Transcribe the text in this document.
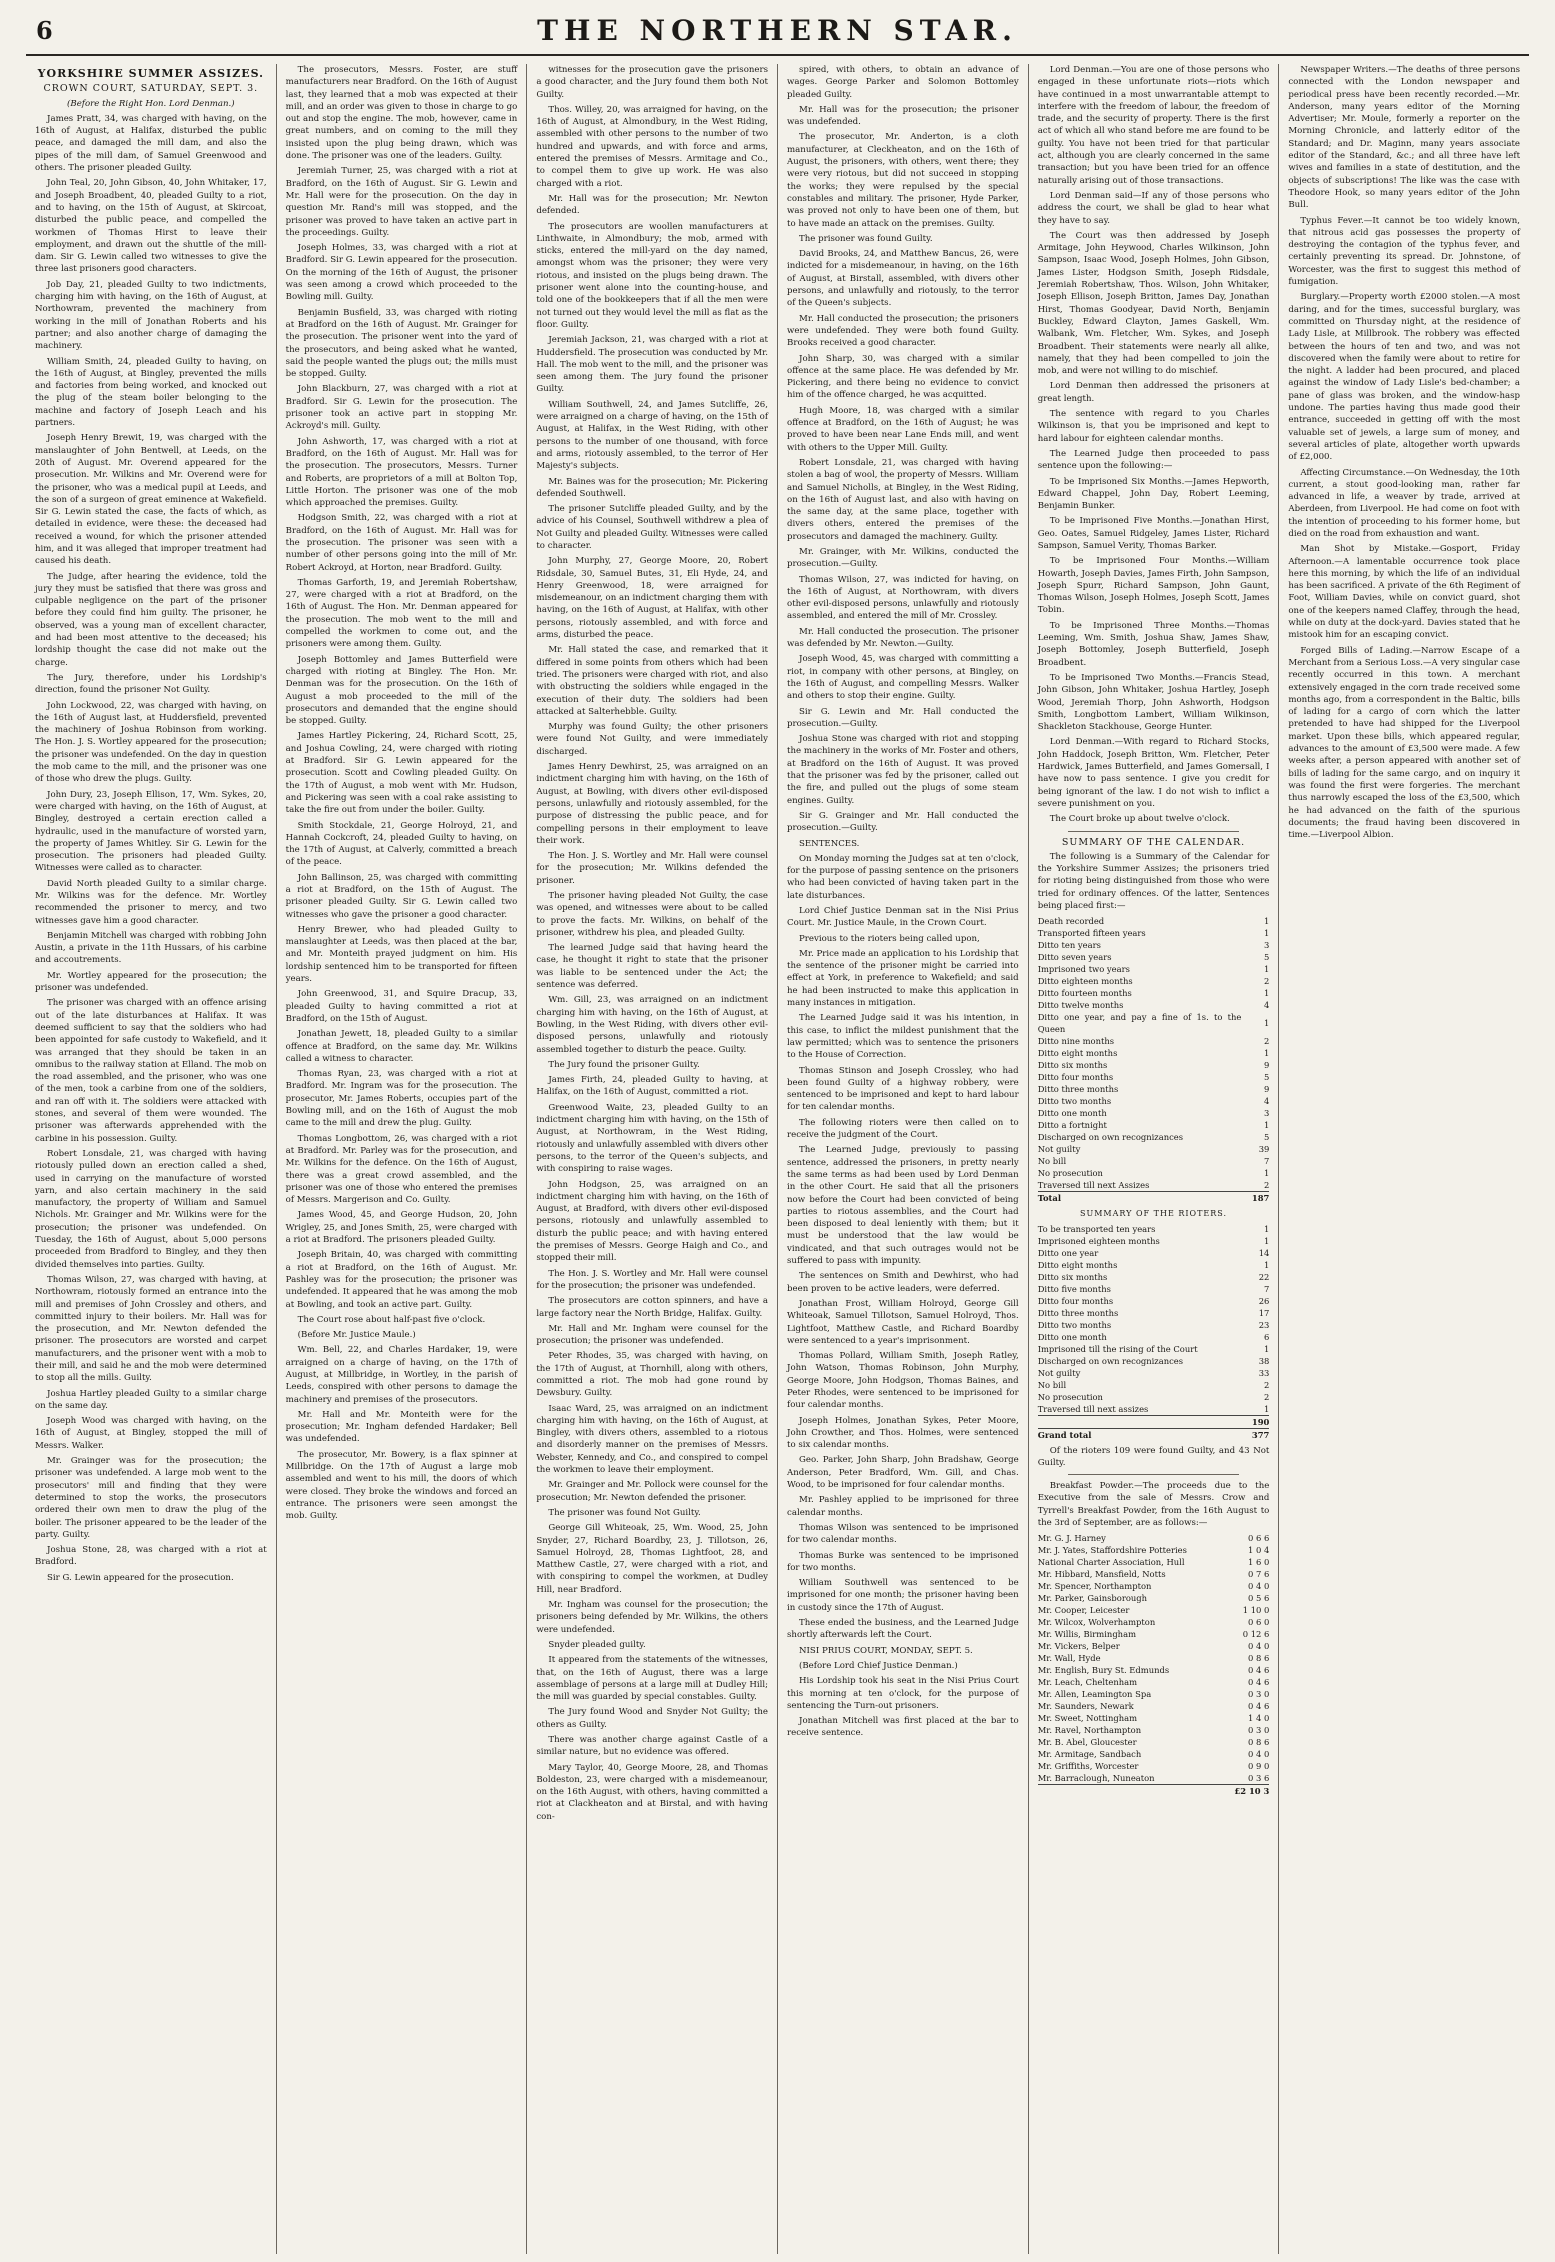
6	THE NORTHERN STAR.
YORKSHIRE SUMMER ASSIZES.
CROWN COURT, SATURDAY, SEPT. 3.
(Before the Right Hon. Lord Denman.)

James Pratt, 34, was charged with having, on the 16th of August, at Halifax, disturbed the public peace, and damaged the mill dam, and also the pipes of the mill dam, of Samuel Greenwood and others. The prisoner pleaded Guilty.

John Teal, 20, John Gibson, 40, John Whitaker, 17, and Joseph Broadbent, 40, pleaded Guilty to a riot, and to having, on the 15th of August, at Skircoat, disturbed the public peace, and compelled the workmen of Thomas Hirst to leave their employment, and drawn out the shuttle of the mill-dam. Sir G. Lewin called two witnesses to give the three last prisoners good characters.

Job Day, 21, pleaded Guilty to two indictments, charging him with having, on the 16th of August, at Northowram, prevented the machinery from working in the mill of Jonathan Roberts and his partner; and also another charge of damaging the machinery.

William Smith, 24, pleaded Guilty to having, on the 16th of August, at Bingley, prevented the mills and factories from being worked, and knocked out the plug of the steam boiler belonging to the machine and factory of Joseph Leach and his partners.

Joseph Henry Brewit, 19, was charged with the manslaughter of John Bentwell, at Leeds, on the 20th of August. Mr. Overend appeared for the prosecution. Mr. Wilkins and Mr. Overend were for the prisoner, who was a medical pupil at Leeds, and the son of a surgeon of great eminence at Wakefield. Sir G. Lewin stated the case, the facts of which, as detailed in evidence, were these: the deceased had received a wound, for which the prisoner attended him, and it was alleged that improper treatment had caused his death.

The Judge, after hearing the evidence, told the jury they must be satisfied that there was gross and culpable negligence on the part of the prisoner before they could find him guilty. The prisoner, he observed, was a young man of excellent character, and had been most attentive to the deceased; his lordship thought the case did not make out the charge.

The Jury, therefore, under his Lordship's direction, found the prisoner Not Guilty.

John Lockwood, 22, was charged with having, on the 16th of August last, at Huddersfield, prevented the machinery of Joshua Robinson from working. The Hon. J. S. Wortley appeared for the prosecution; the prisoner was undefended. On the day in question the mob came to the mill, and the prisoner was one of those who drew the plugs. Guilty.

John Dury, 23, Joseph Ellison, 17, Wm. Sykes, 20, were charged with having, on the 16th of August, at Bingley, destroyed a certain erection called a hydraulic, used in the manufacture of worsted yarn, the property of James Whitley. Sir G. Lewin for the prosecution. The prisoners had pleaded Guilty. Witnesses were called as to character.

David North pleaded Guilty to a similar charge. Mr. Wilkins was for the defence. Mr. Wortley recommended the prisoner to mercy, and two witnesses gave him a good character.

Benjamin Mitchell was charged with robbing John Austin, a private in the 11th Hussars, of his carbine and accoutrements.

Mr. Wortley appeared for the prosecution; the prisoner was undefended.

The prisoner was charged with an offence arising out of the late disturbances at Halifax. It was deemed sufficient to say that the soldiers who had been appointed for safe custody to Wakefield, and it was arranged that they should be taken in an omnibus to the railway station at Elland. The mob on the road assembled, and the prisoner, who was one of the men, took a carbine from one of the soldiers, and ran off with it. The soldiers were attacked with stones, and several of them were wounded. The prisoner was afterwards apprehended with the carbine in his possession. Guilty.

Robert Lonsdale, 21, was charged with having riotously pulled down an erection called a shed, used in carrying on the manufacture of worsted yarn, and also certain machinery in the said manufactory, the property of William and Samuel Nichols. Mr. Grainger and Mr. Wilkins were for the prosecution; the prisoner was undefended. On Tuesday, the 16th of August, about 5,000 persons proceeded from Bradford to Bingley, and they then divided themselves into parties. Guilty.

Thomas Wilson, 27, was charged with having, at Northowram, riotously formed an entrance into the mill and premises of John Crossley and others, and committed injury to their boilers. Mr. Hall was for the prosecution, and Mr. Newton defended the prisoner. The prosecutors are worsted and carpet manufacturers, and the prisoner went with a mob to their mill, and said he and the mob were determined to stop all the mills. Guilty.

Joshua Hartley pleaded Guilty to a similar charge on the same day.

Joseph Wood was charged with having, on the 16th of August, at Bingley, stopped the mill of Messrs. Walker.

Mr. Grainger was for the prosecution; the prisoner was undefended. A large mob went to the prosecutors' mill and finding that they were determined to stop the works, the prosecutors ordered their own men to draw the plug of the boiler. The prisoner appeared to be the leader of the party. Guilty.

Joshua Stone, 28, was charged with a riot at Bradford.

Sir G. Lewin appeared for the prosecution.

The prosecutors, Messrs. Foster, are stuff manufacturers near Bradford. On the 16th of August last, they learned that a mob was expected at their mill, and an order was given to those in charge to go out and stop the engine. The mob, however, came in great numbers, and on coming to the mill they insisted upon the plug being drawn, which was done. The prisoner was one of the leaders. Guilty.

Jeremiah Turner, 25, was charged with a riot at Bradford, on the 16th of August. Sir G. Lewin and Mr. Hall were for the prosecution. On the day in question Mr. Rand's mill was stopped, and the prisoner was proved to have taken an active part in the proceedings. Guilty.

Joseph Holmes, 33, was charged with a riot at Bradford. Sir G. Lewin appeared for the prosecution. On the morning of the 16th of August, the prisoner was seen among a crowd which proceeded to the Bowling mill. Guilty.

Benjamin Busfield, 33, was charged with rioting at Bradford on the 16th of August. Mr. Grainger for the prosecution. The prisoner went into the yard of the prosecutors, and being asked what he wanted, said the people wanted the plugs out; the mills must be stopped. Guilty.

John Blackburn, 27, was charged with a riot at Bradford. Sir G. Lewin for the prosecution. The prisoner took an active part in stopping Mr. Ackroyd's mill. Guilty.

John Ashworth, 17, was charged with a riot at Bradford, on the 16th of August. Mr. Hall was for the prosecution. The prosecutors, Messrs. Turner and Roberts, are proprietors of a mill at Bolton Top, Little Horton. The prisoner was one of the mob which approached the premises. Guilty.

Hodgson Smith, 22, was charged with a riot at Bradford, on the 16th of August. Mr. Hall was for the prosecution. The prisoner was seen with a number of other persons going into the mill of Mr. Robert Ackroyd, at Horton, near Bradford. Guilty.

Thomas Garforth, 19, and Jeremiah Robertshaw, 27, were charged with a riot at Bradford, on the 16th of August. The Hon. Mr. Denman appeared for the prosecution. The mob went to the mill and compelled the workmen to come out, and the prisoners were among them. Guilty.

Joseph Bottomley and James Butterfield were charged with rioting at Bingley. The Hon. Mr. Denman was for the prosecution. On the 16th of August a mob proceeded to the mill of the prosecutors and demanded that the engine should be stopped. Guilty.

James Hartley Pickering, 24, Richard Scott, 25, and Joshua Cowling, 24, were charged with rioting at Bradford. Sir G. Lewin appeared for the prosecution. Scott and Cowling pleaded Guilty. On the 17th of August, a mob went with Mr. Hudson, and Pickering was seen with a coal rake assisting to take the fire out from under the boiler. Guilty.

Smith Stockdale, 21, George Holroyd, 21, and Hannah Cockcroft, 24, pleaded Guilty to having, on the 17th of August, at Calverly, committed a breach of the peace.

John Ballinson, 25, was charged with committing a riot at Bradford, on the 15th of August. The prisoner pleaded Guilty. Sir G. Lewin called two witnesses who gave the prisoner a good character.

Henry Brewer, who had pleaded Guilty to manslaughter at Leeds, was then placed at the bar, and Mr. Monteith prayed judgment on him. His lordship sentenced him to be transported for fifteen years.

John Greenwood, 31, and Squire Dracup, 33, pleaded Guilty to having committed a riot at Bradford, on the 15th of August.

Jonathan Jewett, 18, pleaded Guilty to a similar offence at Bradford, on the same day. Mr. Wilkins called a witness to character.

Thomas Ryan, 23, was charged with a riot at Bradford. Mr. Ingram was for the prosecution. The prosecutor, Mr. James Roberts, occupies part of the Bowling mill, and on the 16th of August the mob came to the mill and drew the plug. Guilty.

Thomas Longbottom, 26, was charged with a riot at Bradford. Mr. Parley was for the prosecution, and Mr. Wilkins for the defence. On the 16th of August, there was a great crowd assembled, and the prisoner was one of those who entered the premises of Messrs. Margerison and Co. Guilty.

James Wood, 45, and George Hudson, 20, John Wrigley, 25, and Jones Smith, 25, were charged with a riot at Bradford. The prisoners pleaded Guilty.

Joseph Britain, 40, was charged with committing a riot at Bradford, on the 16th of August. Mr. Pashley was for the prosecution; the prisoner was undefended. It appeared that he was among the mob at Bowling, and took an active part. Guilty.

The Court rose about half-past five o'clock.

(Before Mr. Justice Maule.)

Wm. Bell, 22, and Charles Hardaker, 19, were arraigned on a charge of having, on the 17th of August, at Millbridge, in Wortley, in the parish of Leeds, conspired with other persons to damage the machinery and premises of the prosecutors.

Mr. Hall and Mr. Monteith were for the prosecution; Mr. Ingham defended Hardaker; Bell was undefended.

The prosecutor, Mr. Bowery, is a flax spinner at Millbridge. On the 17th of August a large mob assembled and went to his mill, the doors of which were closed. They broke the windows and forced an entrance. The prisoners were seen amongst the mob. Guilty.

witnesses for the prosecution gave the prisoners a good character, and the Jury found them both Not Guilty.

Thos. Willey, 20, was arraigned for having, on the 16th of August, at Almondbury, in the West Riding, assembled with other persons to the number of two hundred and upwards, and with force and arms, entered the premises of Messrs. Armitage and Co., to compel them to give up work. He was also charged with a riot.

Mr. Hall was for the prosecution; Mr. Newton defended.

The prosecutors are woollen manufacturers at Linthwaite, in Almondbury; the mob, armed with sticks, entered the mill-yard on the day named, amongst whom was the prisoner; they were very riotous, and insisted on the plugs being drawn. The prisoner went alone into the counting-house, and told one of the bookkeepers that if all the men were not turned out they would level the mill as flat as the floor. Guilty.

Jeremiah Jackson, 21, was charged with a riot at Huddersfield. The prosecution was conducted by Mr. Hall. The mob went to the mill, and the prisoner was seen among them. The jury found the prisoner Guilty.

William Southwell, 24, and James Sutcliffe, 26, were arraigned on a charge of having, on the 15th of August, at Halifax, in the West Riding, with other persons to the number of one thousand, with force and arms, riotously assembled, to the terror of Her Majesty's subjects.

Mr. Baines was for the prosecution; Mr. Pickering defended Southwell.

The prisoner Sutcliffe pleaded Guilty, and by the advice of his Counsel, Southwell withdrew a plea of Not Guilty and pleaded Guilty. Witnesses were called to character.

John Murphy, 27, George Moore, 20, Robert Ridsdale, 30, Samuel Butes, 31, Eli Hyde, 24, and Henry Greenwood, 18, were arraigned for misdemeanour, on an indictment charging them with having, on the 16th of August, at Halifax, with other persons, riotously assembled, and with force and arms, disturbed the peace.

Mr. Hall stated the case, and remarked that it differed in some points from others which had been tried. The prisoners were charged with riot, and also with obstructing the soldiers while engaged in the execution of their duty. The soldiers had been attacked at Salterhebble. Guilty.

Murphy was found Guilty; the other prisoners were found Not Guilty, and were immediately discharged.

James Henry Dewhirst, 25, was arraigned on an indictment charging him with having, on the 16th of August, at Bowling, with divers other evil-disposed persons, unlawfully and riotously assembled, for the purpose of distressing the public peace, and for compelling persons in their employment to leave their work.

The Hon. J. S. Wortley and Mr. Hall were counsel for the prosecution; Mr. Wilkins defended the prisoner.

The prisoner having pleaded Not Guilty, the case was opened, and witnesses were about to be called to prove the facts. Mr. Wilkins, on behalf of the prisoner, withdrew his plea, and pleaded Guilty.

The learned Judge said that having heard the case, he thought it right to state that the prisoner was liable to be sentenced under the Act; the sentence was deferred.

Wm. Gill, 23, was arraigned on an indictment charging him with having, on the 16th of August, at Bowling, in the West Riding, with divers other evil-disposed persons, unlawfully and riotously assembled together to disturb the peace. Guilty.

The Jury found the prisoner Guilty.

James Firth, 24, pleaded Guilty to having, at Halifax, on the 16th of August, committed a riot.

Greenwood Waite, 23, pleaded Guilty to an indictment charging him with having, on the 15th of August, at Northowram, in the West Riding, riotously and unlawfully assembled with divers other persons, to the terror of the Queen's subjects, and with conspiring to raise wages.

John Hodgson, 25, was arraigned on an indictment charging him with having, on the 16th of August, at Bradford, with divers other evil-disposed persons, riotously and unlawfully assembled to disturb the public peace; and with having entered the premises of Messrs. George Haigh and Co., and stopped their mill.

The Hon. J. S. Wortley and Mr. Hall were counsel for the prosecution; the prisoner was undefended.

The prosecutors are cotton spinners, and have a large factory near the North Bridge, Halifax. Guilty.

Mr. Hall and Mr. Ingham were counsel for the prosecution; the prisoner was undefended.

Peter Rhodes, 35, was charged with having, on the 17th of August, at Thornhill, along with others, committed a riot. The mob had gone round by Dewsbury. Guilty.

Isaac Ward, 25, was arraigned on an indictment charging him with having, on the 16th of August, at Bingley, with divers others, assembled to a riotous and disorderly manner on the premises of Messrs. Webster, Kennedy, and Co., and conspired to compel the workmen to leave their employment.

Mr. Grainger and Mr. Pollock were counsel for the prosecution; Mr. Newton defended the prisoner.

The prisoner was found Not Guilty.

George Gill Whiteoak, 25, Wm. Wood, 25, John Snyder, 27, Richard Boardby, 23, J. Tillotson, 26, Samuel Holroyd, 28, Thomas Lightfoot, 28, and Matthew Castle, 27, were charged with a riot, and with conspiring to compel the workmen, at Dudley Hill, near Bradford.

Mr. Ingham was counsel for the prosecution; the prisoners being defended by Mr. Wilkins, the others were undefended.

Snyder pleaded guilty.

It appeared from the statements of the witnesses, that, on the 16th of August, there was a large assemblage of persons at a large mill at Dudley Hill; the mill was guarded by special constables. Guilty.

The Jury found Wood and Snyder Not Guilty; the others as Guilty.

There was another charge against Castle of a similar nature, but no evidence was offered.

Mary Taylor, 40, George Moore, 28, and Thomas Boldeston, 23, were charged with a misdemeanour, on the 16th August, with others, having committed a riot at Clackheaton and at Birstal, and with having con-

spired, with others, to obtain an advance of wages. George Parker and Solomon Bottomley pleaded Guilty.

Mr. Hall was for the prosecution; the prisoner was undefended.

The prosecutor, Mr. Anderton, is a cloth manufacturer, at Cleckheaton, and on the 16th of August, the prisoners, with others, went there; they were very riotous, but did not succeed in stopping the works; they were repulsed by the special constables and military. The prisoner, Hyde Parker, was proved not only to have been one of them, but to have made an attack on the premises. Guilty.

The prisoner was found Guilty.

David Brooks, 24, and Matthew Bancus, 26, were indicted for a misdemeanour, in having, on the 16th of August, at Birstall, assembled, with divers other persons, and unlawfully and riotously, to the terror of the Queen's subjects.

Mr. Hall conducted the prosecution; the prisoners were undefended. They were both found Guilty. Brooks received a good character.

John Sharp, 30, was charged with a similar offence at the same place. He was defended by Mr. Pickering, and there being no evidence to convict him of the offence charged, he was acquitted.

Hugh Moore, 18, was charged with a similar offence at Bradford, on the 16th of August; he was proved to have been near Lane Ends mill, and went with others to the Upper Mill. Guilty.

Robert Lonsdale, 21, was charged with having stolen a bag of wool, the property of Messrs. William and Samuel Nicholls, at Bingley, in the West Riding, on the 16th of August last, and also with having on the same day, at the same place, together with divers others, entered the premises of the prosecutors and damaged the machinery. Guilty.

Mr. Grainger, with Mr. Wilkins, conducted the prosecution.—Guilty.

Thomas Wilson, 27, was indicted for having, on the 16th of August, at Northowram, with divers other evil-disposed persons, unlawfully and riotously assembled, and entered the mill of Mr. Crossley.

Mr. Hall conducted the prosecution. The prisoner was defended by Mr. Newton.—Guilty.

Joseph Wood, 45, was charged with committing a riot, in company with other persons, at Bingley, on the 16th of August, and compelling Messrs. Walker and others to stop their engine. Guilty.

Sir G. Lewin and Mr. Hall conducted the prosecution.—Guilty.

Joshua Stone was charged with riot and stopping the machinery in the works of Mr. Foster and others, at Bradford on the 16th of August. It was proved that the prisoner was fed by the prisoner, called out the fire, and pulled out the plugs of some steam engines. Guilty.

Sir G. Grainger and Mr. Hall conducted the prosecution.—Guilty.

SENTENCES.

On Monday morning the Judges sat at ten o'clock, for the purpose of passing sentence on the prisoners who had been convicted of having taken part in the late disturbances.

Lord Chief Justice Denman sat in the Nisi Prius Court. Mr. Justice Maule, in the Crown Court.

Previous to the rioters being called upon,

Mr. Price made an application to his Lordship that the sentence of the prisoner might be carried into effect at York, in preference to Wakefield; and said he had been instructed to make this application in many instances in mitigation.

The Learned Judge said it was his intention, in this case, to inflict the mildest punishment that the law permitted; which was to sentence the prisoners to the House of Correction.

Thomas Stinson and Joseph Crossley, who had been found Guilty of a highway robbery, were sentenced to be imprisoned and kept to hard labour for ten calendar months.

The following rioters were then called on to receive the judgment of the Court.

The Learned Judge, previously to passing sentence, addressed the prisoners, in pretty nearly the same terms as had been used by Lord Denman in the other Court. He said that all the prisoners now before the Court had been convicted of being parties to riotous assemblies, and the Court had been disposed to deal leniently with them; but it must be understood that the law would be vindicated, and that such outrages would not be suffered to pass with impunity.

The sentences on Smith and Dewhirst, who had been proven to be active leaders, were deferred.

Jonathan Frost, William Holroyd, George Gill Whiteoak, Samuel Tillotson, Samuel Holroyd, Thos. Lightfoot, Matthew Castle, and Richard Boardby were sentenced to a year's imprisonment.

Thomas Pollard, William Smith, Joseph Ratley, John Watson, Thomas Robinson, John Murphy, George Moore, John Hodgson, Thomas Baines, and Peter Rhodes, were sentenced to be imprisoned for four calendar months.

Joseph Holmes, Jonathan Sykes, Peter Moore, John Crowther, and Thos. Holmes, were sentenced to six calendar months.

Geo. Parker, John Sharp, John Bradshaw, George Anderson, Peter Bradford, Wm. Gill, and Chas. Wood, to be imprisoned for four calendar months.

Mr. Pashley applied to be imprisoned for three calendar months.

Thomas Wilson was sentenced to be imprisoned for two calendar months.

Thomas Burke was sentenced to be imprisoned for two months.

William Southwell was sentenced to be imprisoned for one month; the prisoner having been in custody since the 17th of August.

These ended the business, and the Learned Judge shortly afterwards left the Court.

NISI PRIUS COURT, MONDAY, SEPT. 5.

(Before Lord Chief Justice Denman.)

His Lordship took his seat in the Nisi Prius Court this morning at ten o'clock, for the purpose of sentencing the Turn-out prisoners.

Jonathan Mitchell was first placed at the bar to receive sentence.

Lord Denman.—You are one of those persons who engaged in these unfortunate riots—riots which have continued in a most unwarrantable attempt to interfere with the freedom of labour, the freedom of trade, and the security of property. There is the first act of which all who stand before me are found to be guilty. You have not been tried for that particular act, although you are clearly concerned in the same transaction; but you have been tried for an offence naturally arising out of those transactions.

Lord Denman said—If any of those persons who address the court, we shall be glad to hear what they have to say.

The Court was then addressed by Joseph Armitage, John Heywood, Charles Wilkinson, John Sampson, Isaac Wood, Joseph Holmes, John Gibson, James Lister, Hodgson Smith, Joseph Ridsdale, Jeremiah Robertshaw, Thos. Wilson, John Whitaker, Joseph Ellison, Joseph Britton, James Day, Jonathan Hirst, Thomas Goodyear, David North, Benjamin Buckley, Edward Clayton, James Gaskell, Wm. Walbank, Wm. Fletcher, Wm. Sykes, and Joseph Broadbent. Their statements were nearly all alike, namely, that they had been compelled to join the mob, and were not willing to do mischief.

Lord Denman then addressed the prisoners at great length.

The sentence with regard to you Charles Wilkinson is, that you be imprisoned and kept to hard labour for eighteen calendar months.

The Learned Judge then proceeded to pass sentence upon the following:—

To be Imprisoned Six Months.—James Hepworth, Edward Chappel, John Day, Robert Leeming, Benjamin Bunker.

To be Imprisoned Five Months.—Jonathan Hirst, Geo. Oates, Samuel Ridgeley, James Lister, Richard Sampson, Samuel Verity, Thomas Barker.

To be Imprisoned Four Months.—William Howarth, Joseph Davies, James Firth, John Sampson, Joseph Spurr, Richard Sampson, John Gaunt, Thomas Wilson, Joseph Holmes, Joseph Scott, James Tobin.

To be Imprisoned Three Months.—Thomas Leeming, Wm. Smith, Joshua Shaw, James Shaw, Joseph Bottomley, Joseph Butterfield, Joseph Broadbent.

To be Imprisoned Two Months.—Francis Stead, John Gibson, John Whitaker, Joshua Hartley, Joseph Wood, Jeremiah Thorp, John Ashworth, Hodgson Smith, Longbottom Lambert, William Wilkinson, Shackleton Stackhouse, George Hunter.

Lord Denman.—With regard to Richard Stocks, John Haddock, Joseph Britton, Wm. Fletcher, Peter Hardwick, James Butterfield, and James Gomersall, I have now to pass sentence. I give you credit for being ignorant of the law. I do not wish to inflict a severe punishment on you.

The Court broke up about twelve o'clock.

SUMMARY OF THE CALENDAR.

The following is a Summary of the Calendar for the Yorkshire Summer Assizes; the prisoners tried for rioting being distinguished from those who were tried for ordinary offences. Of the latter, Sentences being placed first:—

Death recorded	1
Transported fifteen years	1
Ditto ten years	3
Ditto seven years	5
Imprisoned two years	1
Ditto eighteen months	2
Ditto fourteen months	1
Ditto twelve months	4
Ditto one year, and pay a fine of 1s. to the Queen	1
Ditto nine months	2
Ditto eight months	1
Ditto six months	9
Ditto four months	5
Ditto three months	9
Ditto two months	4
Ditto one month	3
Ditto a fortnight	1
Discharged on own recognizances	5
Not guilty	39
No bill	7
No prosecution	1
Traversed till next Assizes	2
Total	187
SUMMARY OF THE RIOTERS.
To be transported ten years	1
Imprisoned eighteen months	1
Ditto one year	14
Ditto eight months	1
Ditto six months	22
Ditto five months	7
Ditto four months	26
Ditto three months	17
Ditto two months	23
Ditto one month	6
Imprisoned till the rising of the Court	1
Discharged on own recognizances	38
Not guilty	33
No bill	2
No prosecution	2
Traversed till next assizes	1
	190
Grand total	377

Of the rioters 109 were found Guilty, and 43 Not Guilty.

Breakfast Powder.—The proceeds due to the Executive from the sale of Messrs. Crow and Tyrrell's Breakfast Powder, from the 16th August to the 3rd of September, are as follows:—

Mr. G. J. Harney	0 6 6
Mr. J. Yates, Staffordshire Potteries	1 0 4
National Charter Association, Hull	1 6 0
Mr. Hibbard, Mansfield, Notts	0 7 6
Mr. Spencer, Northampton	0 4 0
Mr. Parker, Gainsborough	0 5 6
Mr. Cooper, Leicester	1 10 0
Mr. Wilcox, Wolverhampton	0 6 0
Mr. Willis, Birmingham	0 12 6
Mr. Vickers, Belper	0 4 0
Mr. Wall, Hyde	0 8 6
Mr. English, Bury St. Edmunds	0 4 6
Mr. Leach, Cheltenham	0 4 6
Mr. Allen, Leamington Spa	0 3 0
Mr. Saunders, Newark	0 4 6
Mr. Sweet, Nottingham	1 4 0
Mr. Ravel, Northampton	0 3 0
Mr. B. Abel, Gloucester	0 8 6
Mr. Armitage, Sandbach	0 4 0
Mr. Griffiths, Worcester	0 9 0
Mr. Barraclough, Nuneaton	0 3 6
	£2 10 3

Newspaper Writers.—The deaths of three persons connected with the London newspaper and periodical press have been recently recorded.—Mr. Anderson, many years editor of the Morning Advertiser; Mr. Moule, formerly a reporter on the Morning Chronicle, and latterly editor of the Standard; and Dr. Maginn, many years associate editor of the Standard, &c.; and all three have left wives and families in a state of destitution, and the objects of subscriptions! The like was the case with Theodore Hook, so many years editor of the John Bull.

Typhus Fever.—It cannot be too widely known, that nitrous acid gas possesses the property of destroying the contagion of the typhus fever, and certainly preventing its spread. Dr. Johnstone, of Worcester, was the first to suggest this method of fumigation.

Burglary.—Property worth £2000 stolen.—A most daring, and for the times, successful burglary, was committed on Thursday night, at the residence of Lady Lisle, at Millbrook. The robbery was effected between the hours of ten and two, and was not discovered when the family were about to retire for the night. A ladder had been procured, and placed against the window of Lady Lisle's bed-chamber; a pane of glass was broken, and the window-hasp undone. The parties having thus made good their entrance, succeeded in getting off with the most valuable set of jewels, a large sum of money, and several articles of plate, altogether worth upwards of £2,000.

Affecting Circumstance.—On Wednesday, the 10th current, a stout good-looking man, rather far advanced in life, a weaver by trade, arrived at Aberdeen, from Liverpool. He had come on foot with the intention of proceeding to his former home, but died on the road from exhaustion and want.

Man Shot by Mistake.—Gosport, Friday Afternoon.—A lamentable occurrence took place here this morning, by which the life of an individual has been sacrificed. A private of the 6th Regiment of Foot, William Davies, while on convict guard, shot one of the keepers named Claffey, through the head, while on duty at the dock-yard. Davies stated that he mistook him for an escaping convict.

Forged Bills of Lading.—Narrow Escape of a Merchant from a Serious Loss.—A very singular case recently occurred in this town. A merchant extensively engaged in the corn trade received some months ago, from a correspondent in the Baltic, bills of lading for a cargo of corn which the latter pretended to have had shipped for the Liverpool market. Upon these bills, which appeared regular, advances to the amount of £3,500 were made. A few weeks after, a person appeared with another set of bills of lading for the same cargo, and on inquiry it was found the first were forgeries. The merchant thus narrowly escaped the loss of the £3,500, which he had advanced on the faith of the spurious documents; the fraud having been discovered in time.—Liverpool Albion.
